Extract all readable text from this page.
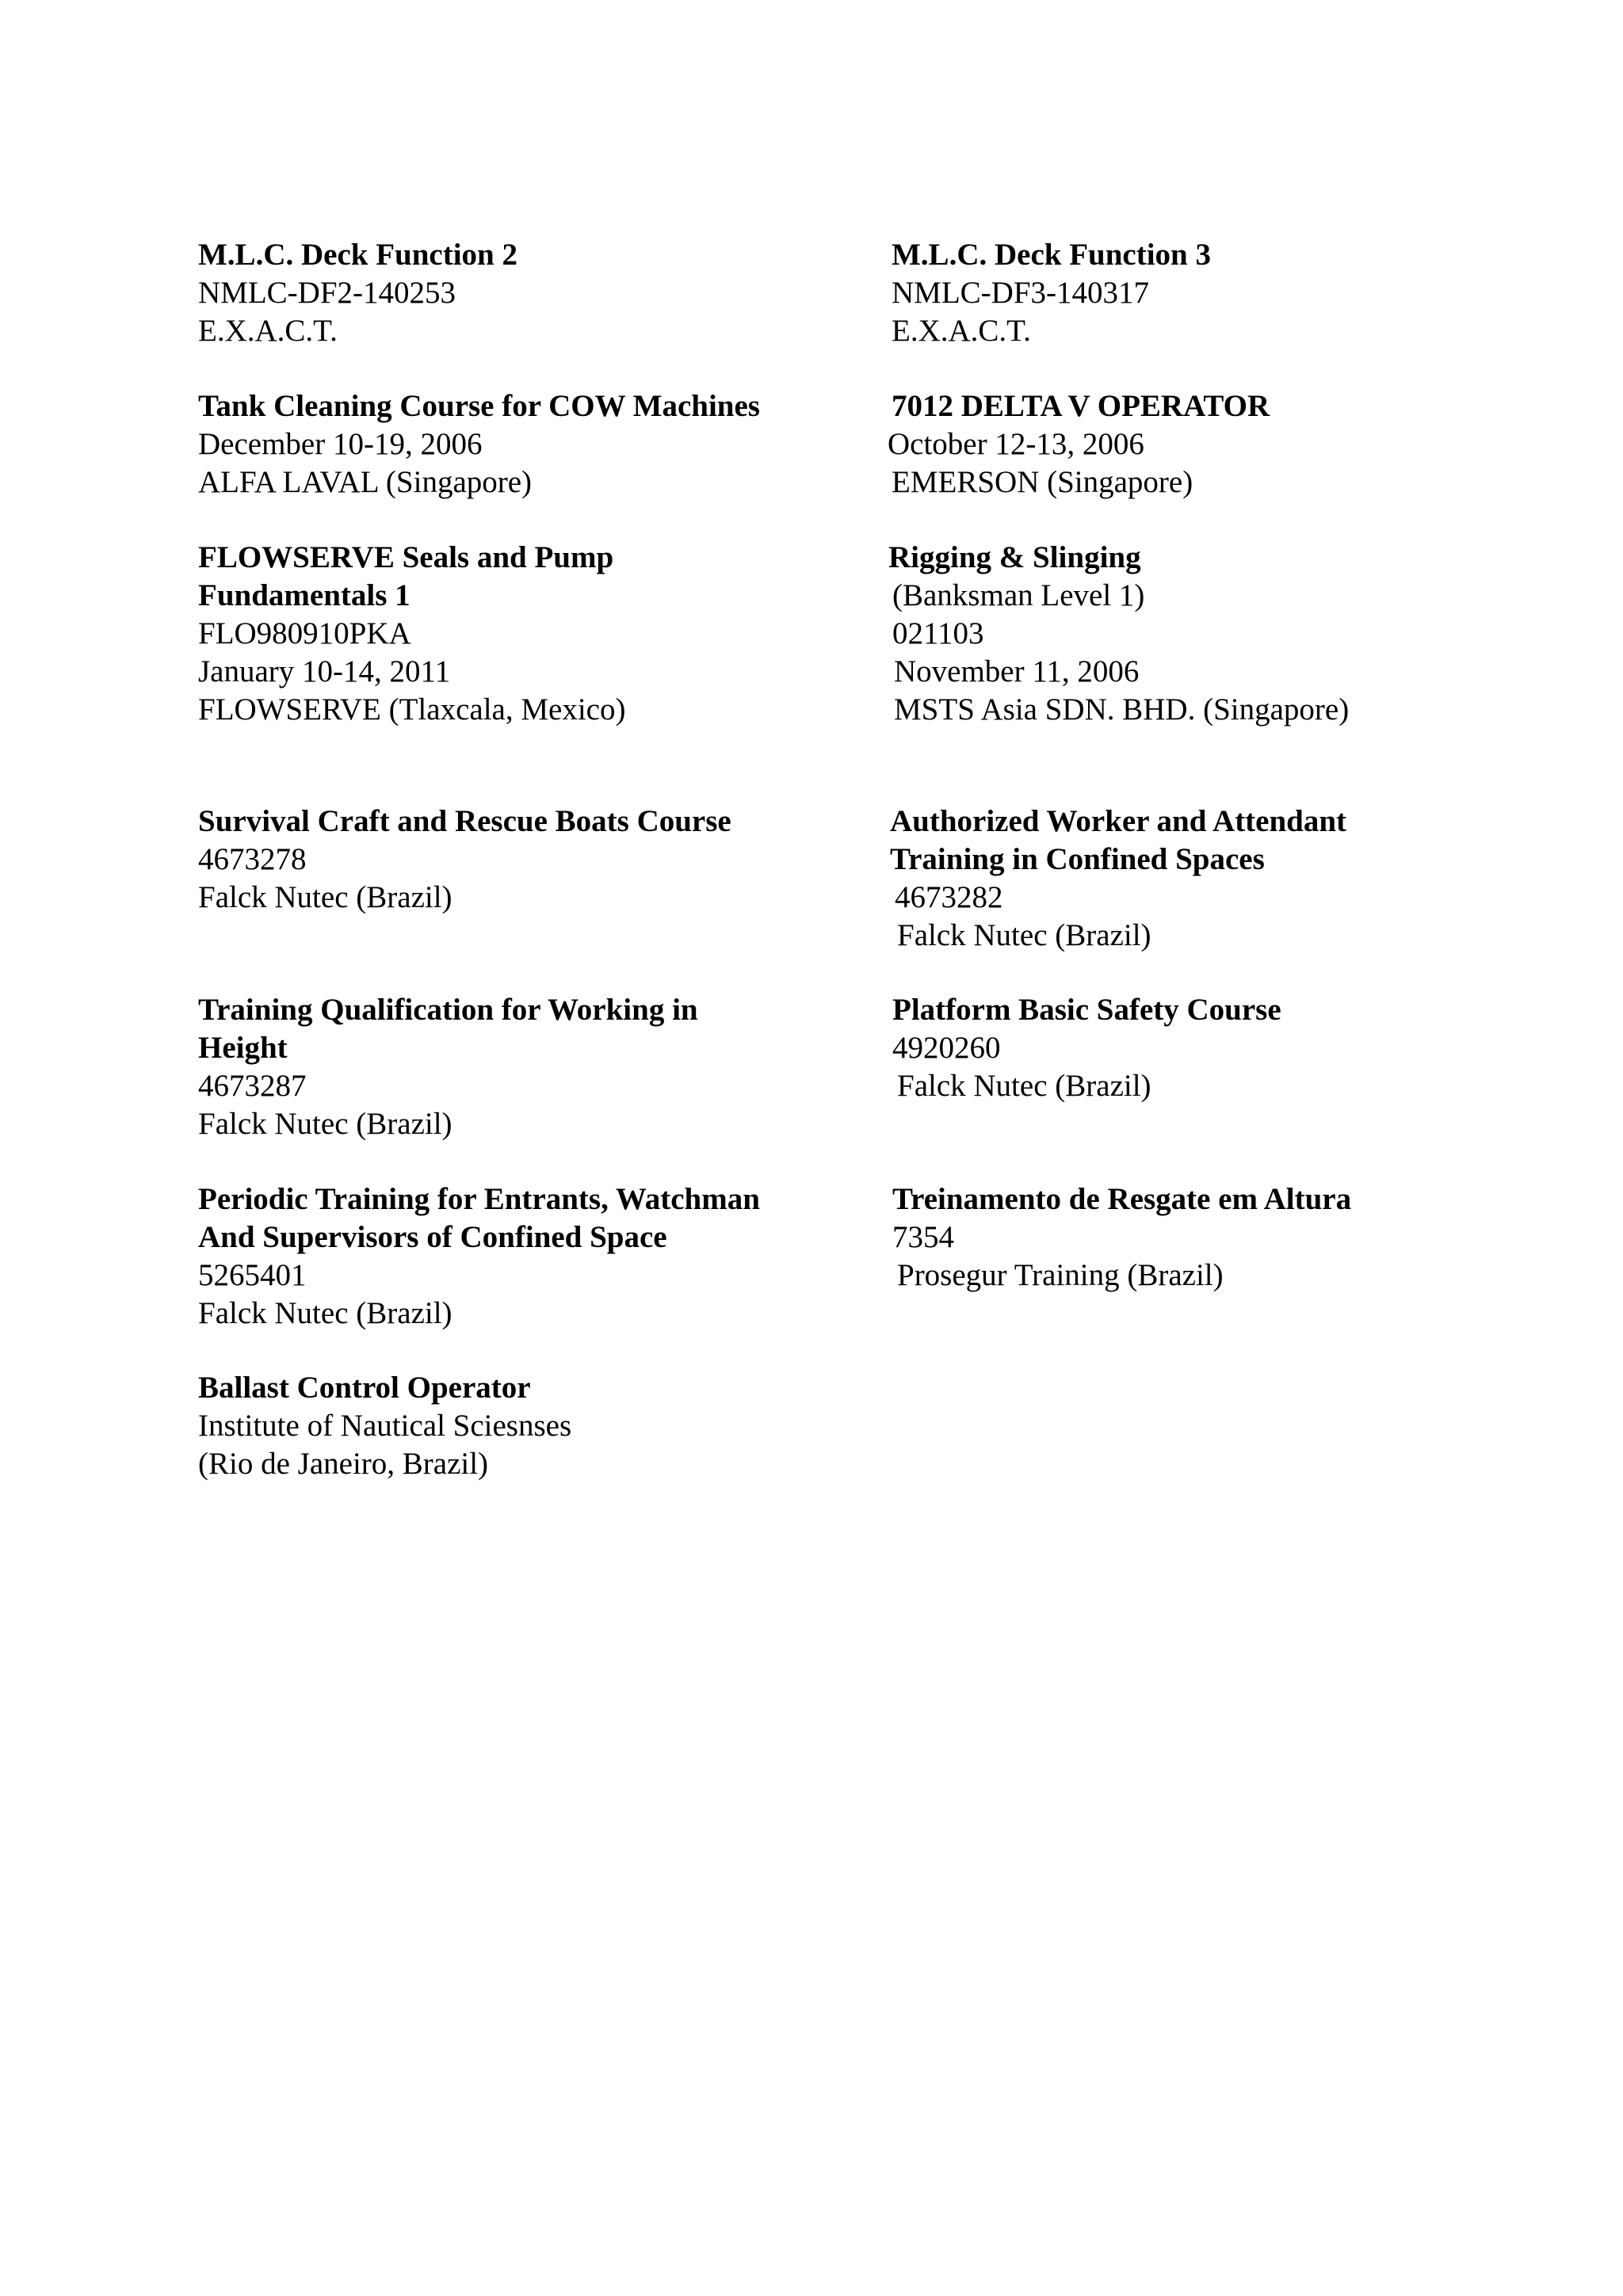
M.L.C. Deck Function 2
NMLC-DF2-140253
E.X.A.C.T.
Tank Cleaning Course for COW Machines
December 10-19, 2006
ALFA LAVAL (Singapore)
FLOWSERVE Seals and Pump
Fundamentals 1
FLO980910PKA
January 10-14, 2011
FLOWSERVE (Tlaxcala, Mexico)
Survival Craft and Rescue Boats Course
4673278
Falck Nutec (Brazil)
Training Qualification for Working in
Height
4673287
Falck Nutec (Brazil)
Periodic Training for Entrants, Watchman
And Supervisors of Confined Space
5265401
Falck Nutec (Brazil)
Ballast Control Operator
Institute of Nautical Sciesnses
(Rio de Janeiro, Brazil)
M.L.C. Deck Function 3
NMLC-DF3-140317
E.X.A.C.T.
7012 DELTA V OPERATOR
October 12-13, 2006
EMERSON (Singapore)
Rigging & Slinging
(Banksman Level 1)
021103
November 11, 2006
MSTS Asia SDN. BHD. (Singapore)
Authorized Worker and Attendant
Training in Confined Spaces
4673282
Falck Nutec (Brazil)
Platform Basic Safety Course
4920260
Falck Nutec (Brazil)
Treinamento de Resgate em Altura
7354
Prosegur Training (Brazil)
